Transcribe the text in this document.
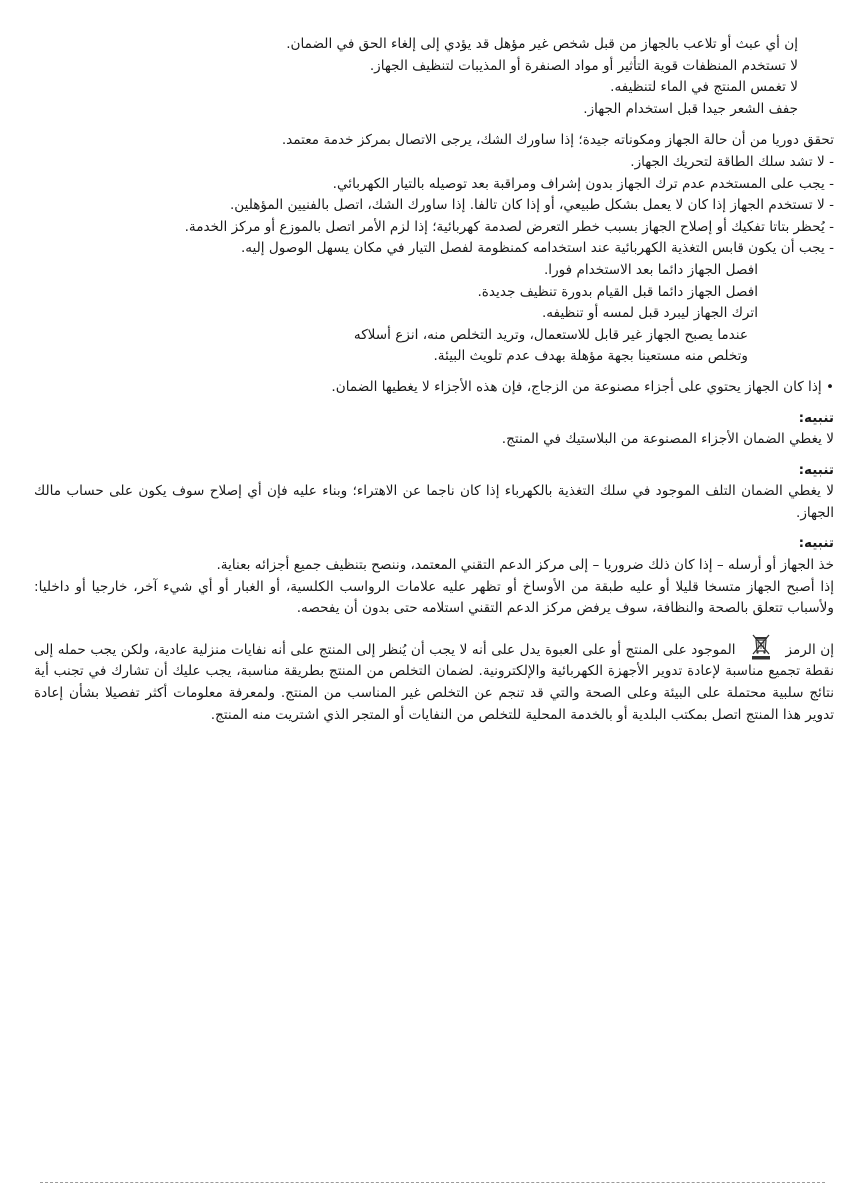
إن أي عبث أو تلاعب بالجهاز من قبل شخص غير مؤهل قد يؤدي إلى إلغاء الحق في الضمان.

لا تستخدم المنظفات قوية التأثير أو مواد الصنفرة أو المذيبات لتنظيف الجهاز.

لا تغمس المنتج في الماء لتنظيفه.

جفف الشعر جيدا قبل استخدام الجهاز.

تحقق دوريا من أن حالة الجهاز ومكوناته جيدة؛ إذا ساورك الشك، يرجى الاتصال بمركز خدمة معتمد.

- لا تشد سلك الطاقة لتحريك الجهاز.

- يجب على المستخدم عدم ترك الجهاز بدون إشراف ومراقبة بعد توصيله بالتيار الكهربائي.

- لا تستخدم الجهاز إذا كان لا يعمل بشكل طبيعي، أو إذا كان تالفا. إذا ساورك الشك، اتصل بالفنيين المؤهلين.

- يُحظر بتاتا تفكيك أو إصلاح الجهاز بسبب خطر التعرض لصدمة كهربائية؛ إذا لزم الأمر اتصل بالموزع أو مركز الخدمة.

- يجب أن يكون قابس التغذية الكهربائية عند استخدامه كمنظومة لفصل التيار في مكان يسهل الوصول إليه.

افصل الجهاز دائما بعد الاستخدام فورا.

افصل الجهاز دائما قبل القيام بدورة تنظيف جديدة.

اترك الجهاز ليبرد قبل لمسه أو تنظيفه.

عندما يصبح الجهاز غير قابل للاستعمال، وتريد التخلص منه، انزع أسلاكه

وتخلص منه مستعينا بجهة مؤهلة بهدف عدم تلويث البيئة.

• إذا كان الجهاز يحتوي على أجزاء مصنوعة من الزجاج، فإن هذه الأجزاء لا يغطيها الضمان.

تنبيه:

لا يغطي الضمان الأجزاء المصنوعة من البلاستيك في المنتج.

تنبيه:

لا يغطي الضمان التلف الموجود في سلك التغذية بالكهرباء إذا كان ناجما عن الاهتراء؛ وبناء عليه فإن أي إصلاح سوف يكون على حساب مالك الجهاز.

تنبيه:

خذ الجهاز أو أرسله – إذا كان ذلك ضروريا – إلى مركز الدعم التقني المعتمد، وننصح بتنظيف جميع أجزائه بعناية.

إذا أصبح الجهاز متسخا قليلا أو عليه طبقة من الأوساخ أو تظهر عليه علامات الرواسب الكلسية، أو الغبار أو أي شيء آخر، خارجيا أو داخليا: ولأسباب تتعلق بالصحة والنظافة، سوف يرفض مركز الدعم التقني استلامه حتى بدون أن يفحصه.

إن الرمزالموجود على المنتج أو على العبوة يدل على أنه لا يجب أن يُنظر إلى المنتج على أنه نفايات منزلية عادية، ولكن يجب حمله إلى نقطة تجميع مناسبة لإعادة تدوير الأجهزة الكهربائية والإلكترونية. لضمان التخلص من المنتج بطريقة مناسبة، يجب عليك أن تشارك في تجنب أية نتائج سلبية محتملة على البيئة وعلى الصحة والتي قد تنجم عن التخلص غير المناسب من المنتج. ولمعرفة معلومات أكثر تفصيلا بشأن إعادة تدوير هذا المنتج اتصل بمكتب البلدية أو بالخدمة المحلية للتخلص من النفايات أو المتجر الذي اشتريت منه المنتج.
